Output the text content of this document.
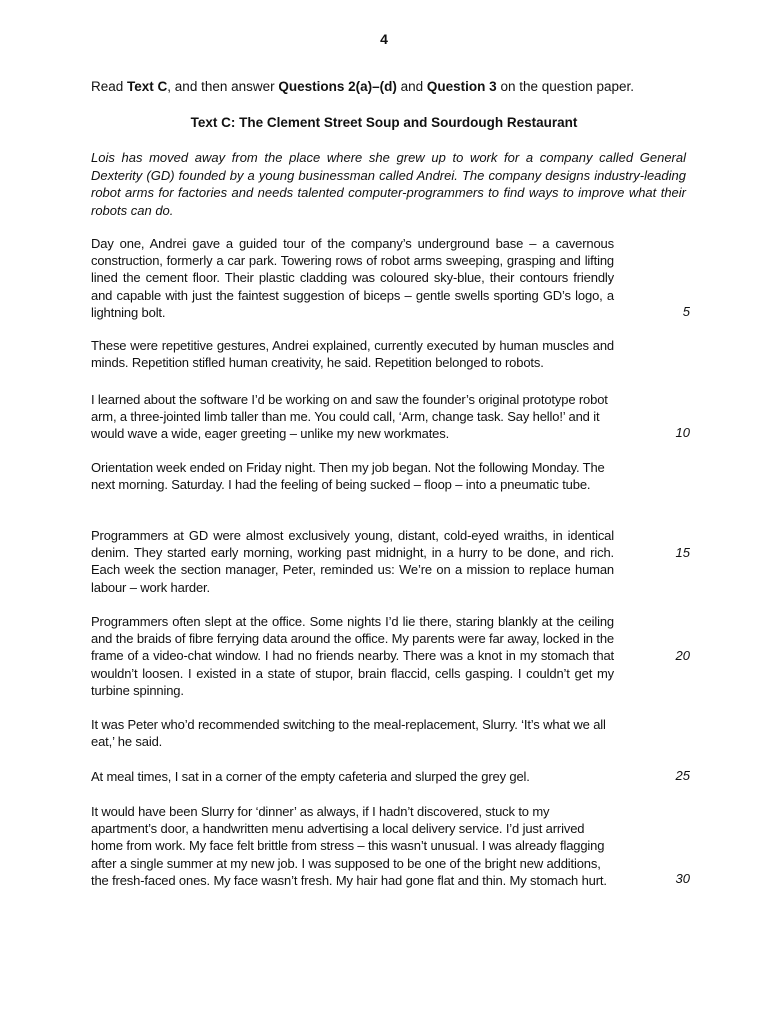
4
Read Text C, and then answer Questions 2(a)–(d) and Question 3 on the question paper.
Text C: The Clement Street Soup and Sourdough Restaurant
Lois has moved away from the place where she grew up to work for a company called General Dexterity (GD) founded by a young businessman called Andrei. The company designs industry-leading robot arms for factories and needs talented computer-programmers to find ways to improve what their robots can do.
Day one, Andrei gave a guided tour of the company’s underground base – a cavernous construction, formerly a car park. Towering rows of robot arms sweeping, grasping and lifting lined the cement floor. Their plastic cladding was coloured sky-blue, their contours friendly and capable with just the faintest suggestion of biceps – gentle swells sporting GD’s logo, a lightning bolt.
These were repetitive gestures, Andrei explained, currently executed by human muscles and minds. Repetition stifled human creativity, he said. Repetition belonged to robots.
I learned about the software I’d be working on and saw the founder’s original prototype robot arm, a three-jointed limb taller than me. You could call, ‘Arm, change task. Say hello!’ and it would wave a wide, eager greeting – unlike my new workmates.
Orientation week ended on Friday night. Then my job began. Not the following Monday. The next morning. Saturday. I had the feeling of being sucked – floop – into a pneumatic tube.
Programmers at GD were almost exclusively young, distant, cold-eyed wraiths, in identical denim. They started early morning, working past midnight, in a hurry to be done, and rich. Each week the section manager, Peter, reminded us: We’re on a mission to replace human labour – work harder.
Programmers often slept at the office. Some nights I’d lie there, staring blankly at the ceiling and the braids of fibre ferrying data around the office. My parents were far away, locked in the frame of a video-chat window. I had no friends nearby. There was a knot in my stomach that wouldn’t loosen. I existed in a state of stupor, brain flaccid, cells gasping. I couldn’t get my turbine spinning.
It was Peter who’d recommended switching to the meal-replacement, Slurry. ‘It’s what we all eat,’ he said.
At meal times, I sat in a corner of the empty cafeteria and slurped the grey gel.
It would have been Slurry for ‘dinner’ as always, if I hadn’t discovered, stuck to my apartment’s door, a handwritten menu advertising a local delivery service. I’d just arrived home from work. My face felt brittle from stress – this wasn’t unusual. I was already flagging after a single summer at my new job. I was supposed to be one of the bright new additions, the fresh-faced ones. My face wasn’t fresh. My hair had gone flat and thin. My stomach hurt.
5
10
15
20
25
30
